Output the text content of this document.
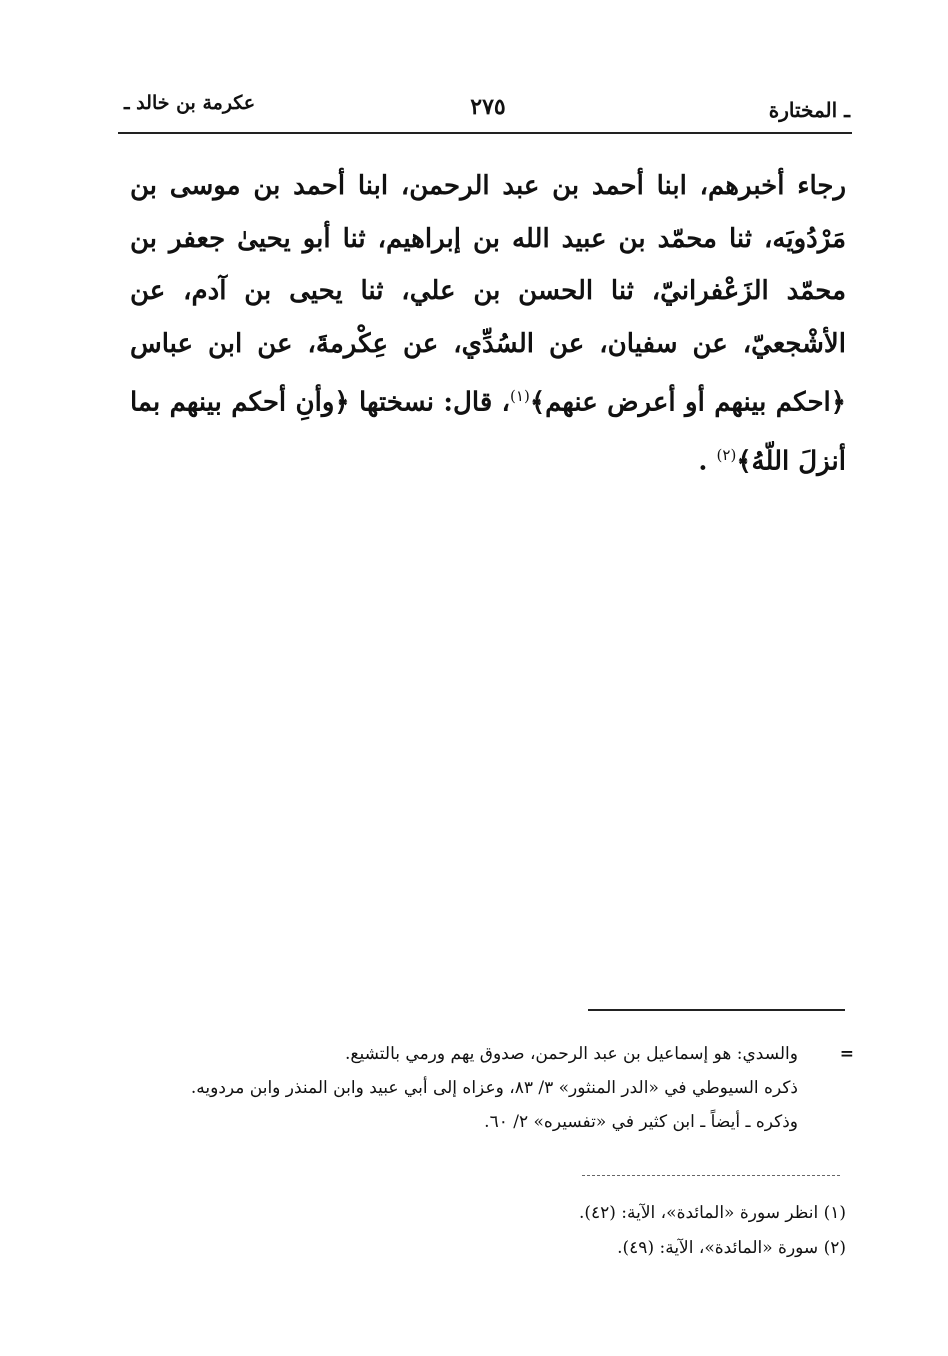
ـ المختارة
٢٧٥
عكرمة بن خالد ـ
رجاء أخبرهم، ابنا أحمد بن عبد الرحمن، ابنا أحمد بن موسى بن مَرْدُويَه، ثنا محمّد بن عبيد الله بن إبراهيم، ثنا أبو يحيىٰ جعفر بن محمّد الزَعْفرانيّ، ثنا الحسن بن علي، ثنا يحيى بن آدم، عن الأشْجعيّ، عن سفيان، عن السُدِّي، عن عِكْرمةَ، عن ابن عباس ﴿احكم بينهم أو أعرض عنهم﴾$^{(١)}$، قال: نسختها ﴿وأنِ أحكم بينهم بما أنزلَ اللّهُ﴾$^{(٢)}$ .
=
والسدي: هو إسماعيل بن عبد الرحمن، صدوق يهم ورمي بالتشيع.
ذكره السيوطي في «الدر المنثور» ٣/ ٨٣، وعزاه إلى أبي عبيد وابن المنذر وابن مردويه.
وذكره ـ أيضاً ـ ابن كثير في «تفسيره» ٢/ ٦٠.
(١) انظر سورة «المائدة»، الآية: (٤٢).
(٢) سورة «المائدة»، الآية: (٤٩).
